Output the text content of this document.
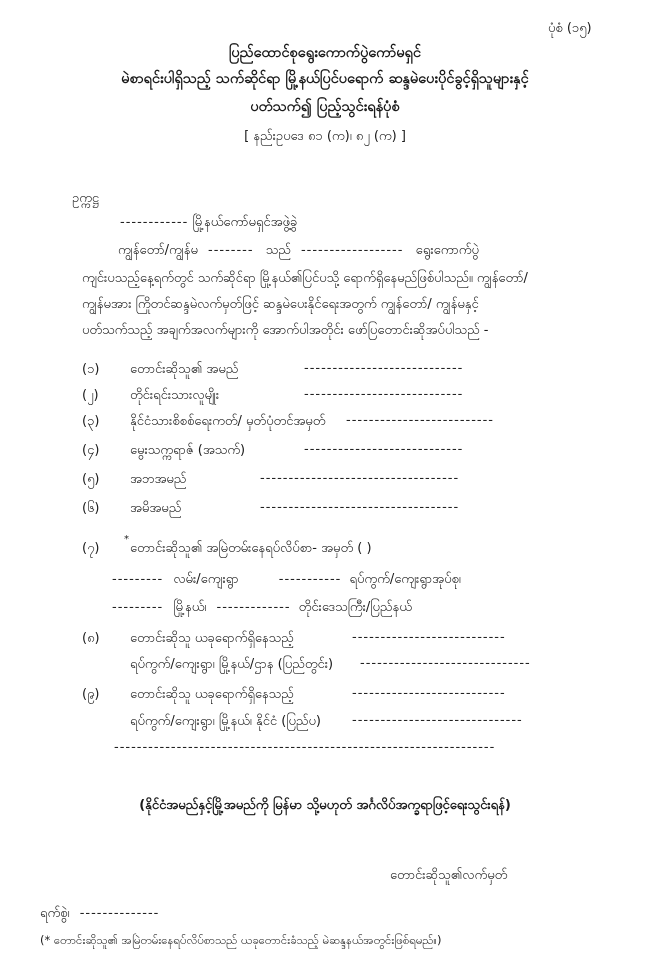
ပုံစံ (၁၅)
ပြည်ထောင်စုရွေးကောက်ပွဲကော်မရှင်
မဲစာရင်းပါရှိသည့် သက်ဆိုင်ရာ မြို့နယ်ပြင်ပရောက် ဆန္ဒမဲပေးပိုင်ခွင့်ရှိသူများနှင့်
ပတ်သက်၍ ပြည့်သွင်းရန်ပုံစံ
[ နည်းဥပဒေ ၈၁ (က)၊ ၈၂ (က) ]
ဥက္ကဋ္ဌ
------------ မြို့နယ်ကော်မရှင်အဖွဲ့ခွဲ
ကျွန်တော်/ကျွန်မ -------- သည် ------------------ ရွေးကောက်ပွဲ
ကျင်းပသည့်နေ့ရက်တွင် သက်ဆိုင်ရာ မြို့နယ်၏ပြင်ပသို့ ရောက်ရှိနေမည်ဖြစ်ပါသည်။ ကျွန်တော်/
ကျွန်မအား ကြိုတင်ဆန္ဒမဲလက်မှတ်ဖြင့် ဆန္ဒမဲပေးနိုင်ရေးအတွက် ကျွန်တော်/ ကျွန်မနှင့်
ပတ်သက်သည့် အချက်အလက်များကို အောက်ပါအတိုင်း ဖော်ပြတောင်းဆိုအပ်ပါသည် -
(၁) တောင်းဆိုသူ၏ အမည်	----------------------------
(၂) တိုင်းရင်းသားလူမျိုး	----------------------------
(၃) နိုင်ငံသားစိစစ်ရေးကတ်/ မှတ်ပုံတင်အမှတ် --------------------------
(၄) မွေးသက္ကရာဇ် (အသက်)	----------------------------
(၅) အဘအမည်	-----------------------------------
(၆) အမိအမည်	-----------------------------------
(၇)
*
တောင်းဆိုသူ၏ အမြဲတမ်းနေရပ်လိပ်စာ- အမှတ် ( )
--------- လမ်း/ကျေးရွာ	----------- ရပ်ကွက်/ကျေးရွာအုပ်စု၊
--------- မြို့နယ်၊ ------------- တိုင်းဒေသကြီး/ပြည်နယ်
(၈) တောင်းဆိုသူ ယခုရောက်ရှိနေသည့်	---------------------------
ရပ်ကွက်/ကျေးရွာ၊ မြို့နယ်/ဌာန (ပြည်တွင်း) ------------------------------
(၉) တောင်းဆိုသူ ယခုရောက်ရှိနေသည့်	---------------------------
ရပ်ကွက်/ကျေးရွာ၊ မြို့နယ်၊ နိုင်ငံ (ပြည်ပ) ------------------------------
-------------------------------------------------------------------
(နိုင်ငံအမည်နှင့်မြို့အမည်ကို မြန်မာ သို့မဟုတ် အင်္ဂလိပ်အက္ခရာဖြင့်ရေးသွင်းရန်)
တောင်းဆိုသူ၏လက်မှတ်
ရက်စွဲ၊ --------------
(* တောင်းဆိုသူ၏ အမြဲတမ်းနေရပ်လိပ်စာသည် ယခုတောင်းခံသည့် မဲဆန္ဒနယ်အတွင်းဖြစ်ရမည်။)
